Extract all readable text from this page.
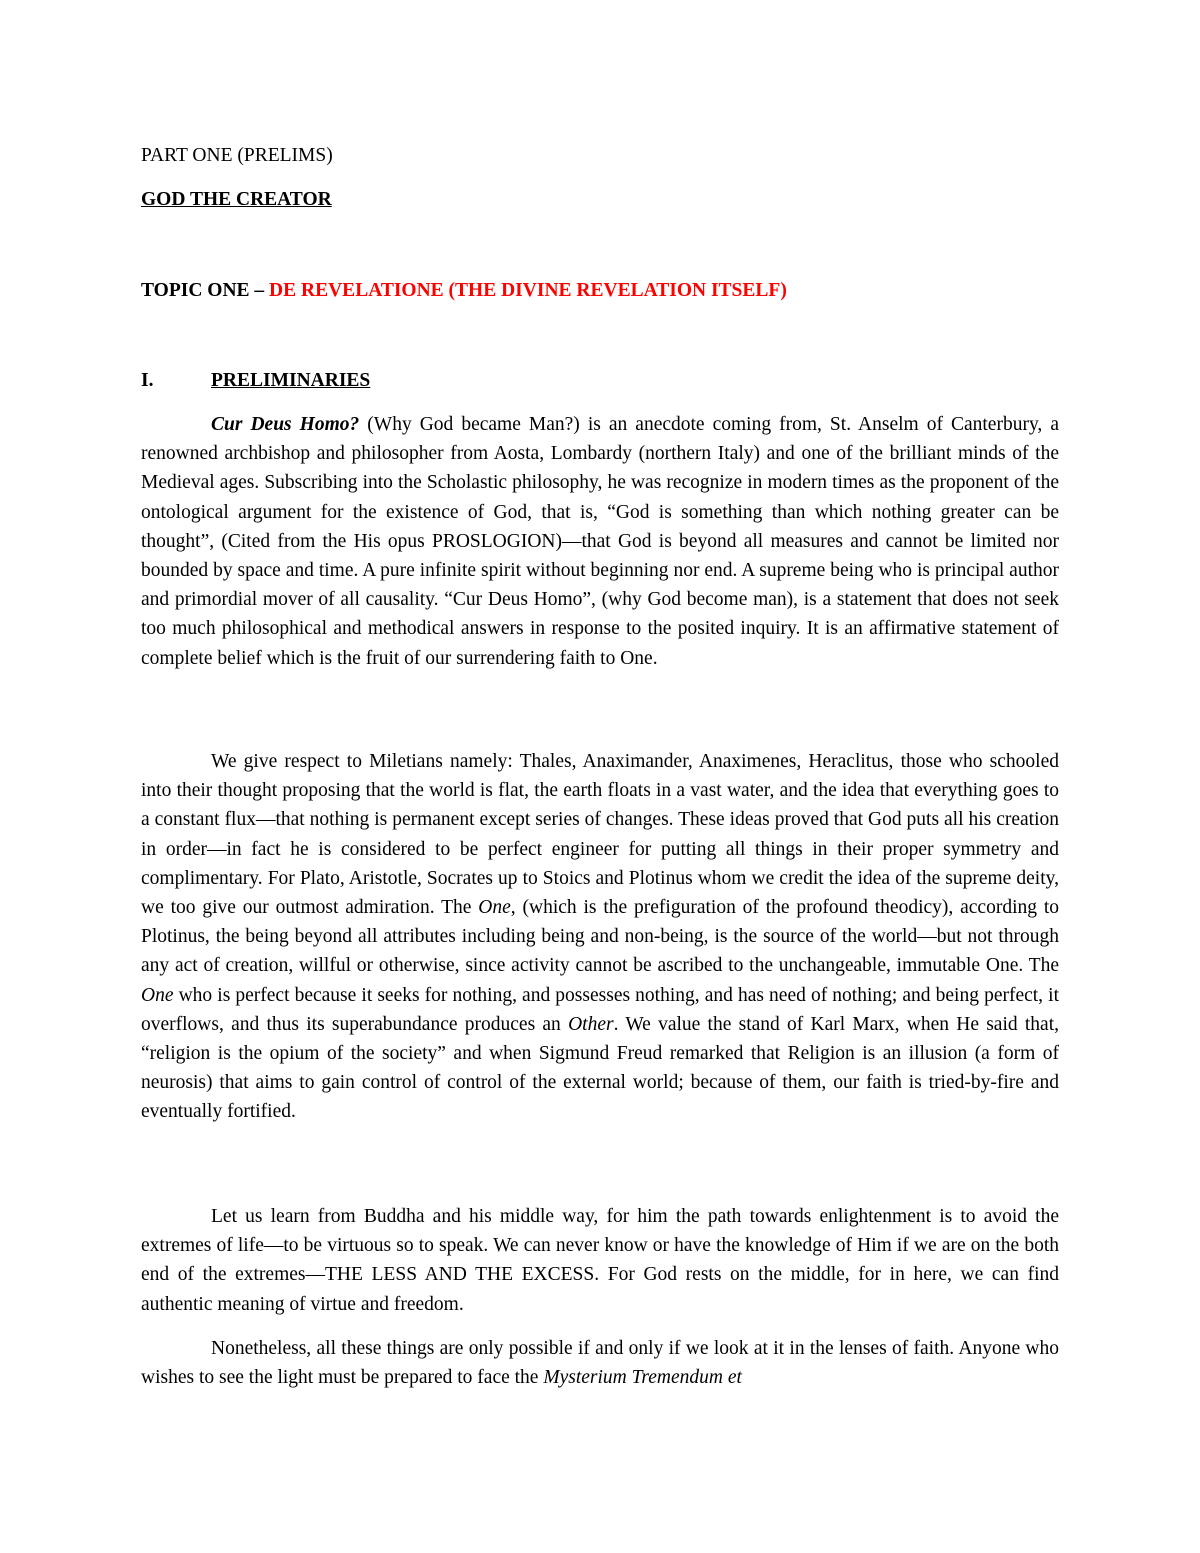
PART ONE (PRELIMS)
GOD THE CREATOR
TOPIC ONE – DE REVELATIONE (THE DIVINE REVELATION ITSELF)
I.	PRELIMINARIES

Cur Deus Homo? (Why God became Man?) is an anecdote coming from, St. Anselm of Canterbury, a renowned archbishop and philosopher from Aosta, Lombardy (northern Italy) and one of the brilliant minds of the Medieval ages. Subscribing into the Scholastic philosophy, he was recognize in modern times as the proponent of the ontological argument for the existence of God, that is, “God is something than which nothing greater can be thought”, (Cited from the His opus PROSLOGION)—that God is beyond all measures and cannot be limited nor bounded by space and time. A pure infinite spirit without beginning nor end. A supreme being who is principal author and primordial mover of all causality. “Cur Deus Homo”, (why God become man), is a statement that does not seek too much philosophical and methodical answers in response to the posited inquiry. It is an affirmative statement of complete belief which is the fruit of our surrendering faith to One.

We give respect to Miletians namely: Thales, Anaximander, Anaximenes, Heraclitus, those who schooled into their thought proposing that the world is flat, the earth floats in a vast water, and the idea that everything goes to a constant flux—that nothing is permanent except series of changes. These ideas proved that God puts all his creation in order—in fact he is considered to be perfect engineer for putting all things in their proper symmetry and complimentary. For Plato, Aristotle, Socrates up to Stoics and Plotinus whom we credit the idea of the supreme deity, we too give our outmost admiration. The One, (which is the prefiguration of the profound theodicy), according to Plotinus, the being beyond all attributes including being and non-being, is the source of the world—but not through any act of creation, willful or otherwise, since activity cannot be ascribed to the unchangeable, immutable One. The One who is perfect because it seeks for nothing, and possesses nothing, and has need of nothing; and being perfect, it overflows, and thus its superabundance produces an Other. We value the stand of Karl Marx, when He said that, “religion is the opium of the society” and when Sigmund Freud remarked that Religion is an illusion (a form of neurosis) that aims to gain control of control of the external world; because of them, our faith is tried-by-fire and eventually fortified.

Let us learn from Buddha and his middle way, for him the path towards enlightenment is to avoid the extremes of life—to be virtuous so to speak. We can never know or have the knowledge of Him if we are on the both end of the extremes—THE LESS AND THE EXCESS. For God rests on the middle, for in here, we can find authentic meaning of virtue and freedom.

Nonetheless, all these things are only possible if and only if we look at it in the lenses of faith. Anyone who wishes to see the light must be prepared to face the Mysterium Tremendum et
